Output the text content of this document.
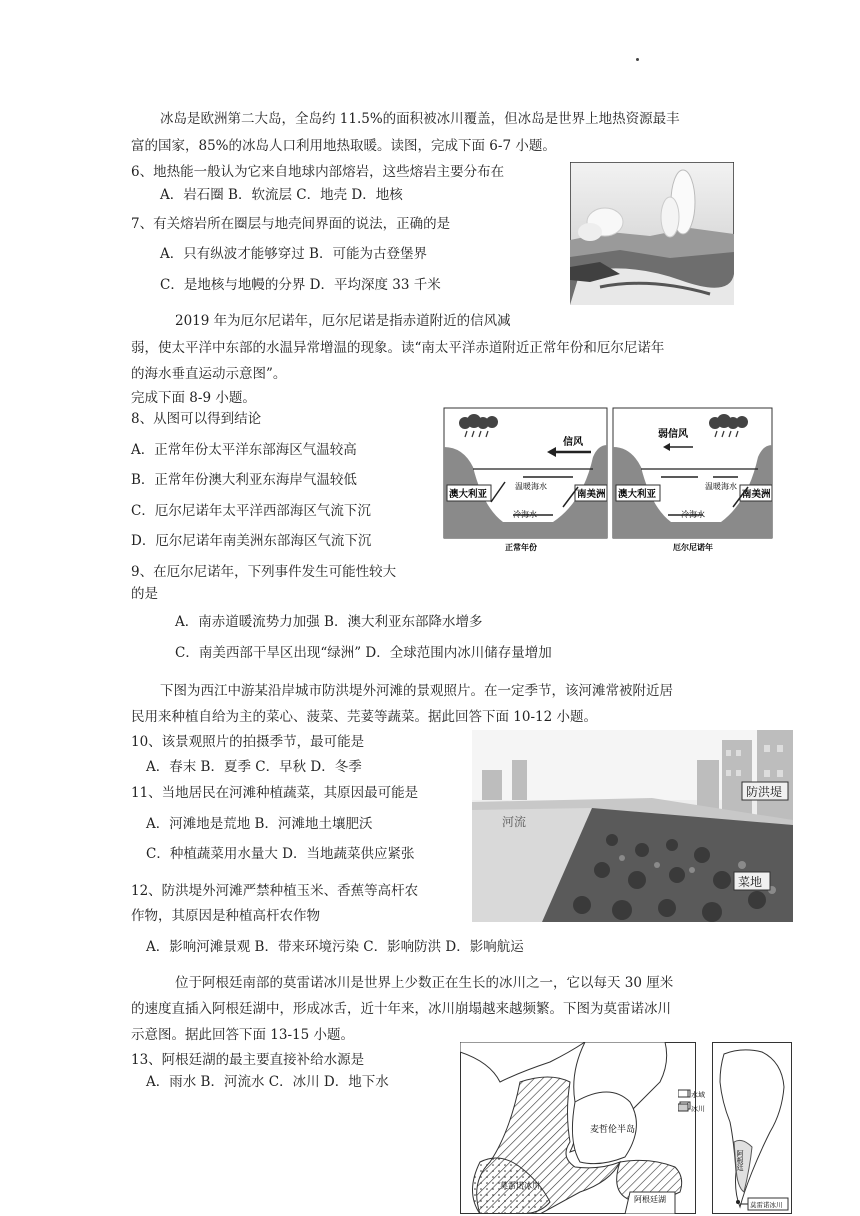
冰岛是欧洲第二大岛，全岛约 11.5%的面积被冰川覆盖，但冰岛是世界上地热资源最丰
富的国家，85%的冰岛人口利用地热取暖。读图，完成下面 6-7 小题。
6、地热能一般认为它来自地球内部熔岩，这些熔岩主要分布在
A．岩石圈 B．软流层 C．地壳 D．地核
7、有关熔岩所在圈层与地壳间界面的说法，正确的是
A．只有纵波才能够穿过 B．可能为古登堡界
C．是地核与地幔的分界 D．平均深度 33 千米
2019 年为厄尔尼诺年，厄尔尼诺是指赤道附近的信风减
弱，使太平洋中东部的水温异常增温的现象。读“南太平洋赤道附近正常年份和厄尔尼诺年
的海水垂直运动示意图”。
完成下面 8-9 小题。
8、从图可以得到结论
A．正常年份太平洋东部海区气温较高
B．正常年份澳大利亚东海岸气温较低
C．厄尔尼诺年太平洋西部海区气流下沉
D．厄尔尼诺年南美洲东部海区气流下沉
9、在厄尔尼诺年，下列事件发生可能性较大
的是
A．南赤道暖流势力加强 B．澳大利亚东部降水增多
C．南美西部干旱区出现“绿洲” D．全球范围内冰川储存量增加
信风
澳大利亚	南美洲
温暖海水
冷海水
正常年份
弱信风
澳大利亚	南美洲
温暖海水
冷海水
厄尔尼诺年
下图为西江中游某沿岸城市防洪堤外河滩的景观照片。在一定季节，该河滩常被附近居
民用来种植自给为主的菜心、菠菜、芫荽等蔬菜。据此回答下面 10-12 小题。
10、该景观照片的拍摄季节，最可能是
A．春末 B．夏季 C．早秋 D．冬季
11、当地居民在河滩种植蔬菜，其原因最可能是
A．河滩地是荒地 B．河滩地土壤肥沃
C．种植蔬菜用水量大 D．当地蔬菜供应紧张
12、防洪堤外河滩严禁种植玉米、香蕉等高杆农
作物，其原因是种植高杆农作物
A．影响河滩景观 B．带来环境污染 C．影响防洪 D．影响航运
防洪堤
河流
菜地
位于阿根廷南部的莫雷诺冰川是世界上少数正在生长的冰川之一，它以每天 30 厘米
的速度直插入阿根廷湖中，形成冰舌，近十年来，冰川崩塌越来越频繁。下图为莫雷诺冰川
示意图。据此回答下面 13-15 小题。
13、阿根廷湖的最主要直接补给水源是
A．雨水 B．河流水 C．冰川 D．地下水
麦哲伦半岛
阿根廷湖
莫雷诺冰川
水域
冰川
阿根廷
莫雷诺冰川
